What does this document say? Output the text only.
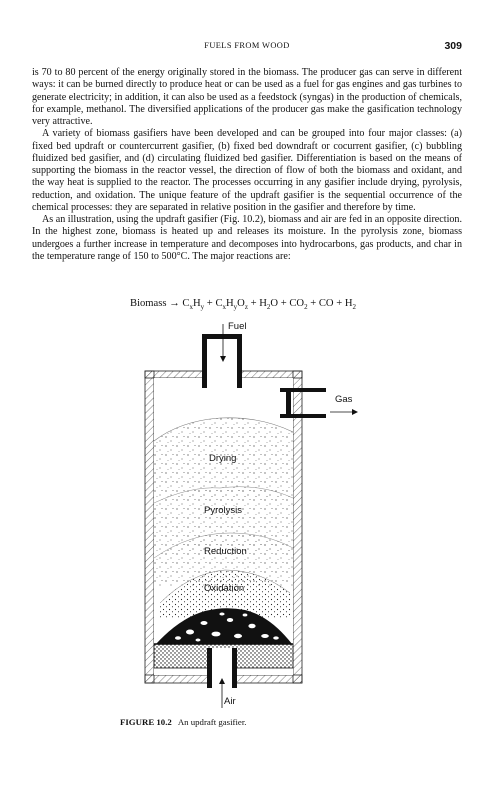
FUELS FROM WOOD	309

is 70 to 80 percent of the energy originally stored in the biomass. The producer gas can serve in different ways: it can be burned directly to produce heat or can be used as a fuel for gas engines and gas turbines to generate electricity; in addition, it can also be used as a feedstock (syngas) in the production of chemicals, for example, methanol. The diversified applications of the producer gas make the gasification technology very attractive.

A variety of biomass gasifiers have been developed and can be grouped into four major classes: (a) fixed bed updraft or countercurrent gasifier, (b) fixed bed downdraft or cocurrent gasifier, (c) bubbling fluidized bed gasifier, and (d) circulating fluidized bed gasifier. Differentiation is based on the means of supporting the biomass in the reactor vessel, the direction of flow of both the biomass and oxidant, and the way heat is supplied to the reactor. The processes occurring in any gasifier include drying, pyrolysis, reduction, and oxidation. The unique feature of the updraft gasifier is the sequential occurrence of the chemical processes: they are separated in relative position in the gasifier and therefore by time.

As an illustration, using the updraft gasifier (Fig. 10.2), biomass and air are fed in an opposite direction. In the highest zone, biomass is heated up and releases its moisture. In the pyrolysis zone, biomass undergoes a further increase in temperature and decomposes into hydrocarbons, gas products, and char in the temperature range of 150 to 500°C. The major reactions are:

Biomass → $C_xH_y + C_xH_yO_z + H_2O + CO_2$ + CO + $H_2$
Fuel
Gas
Drying
Pyrolysis
Reduction
Oxidation
Air
FIGURE 10.2 An updraft gasifier.
